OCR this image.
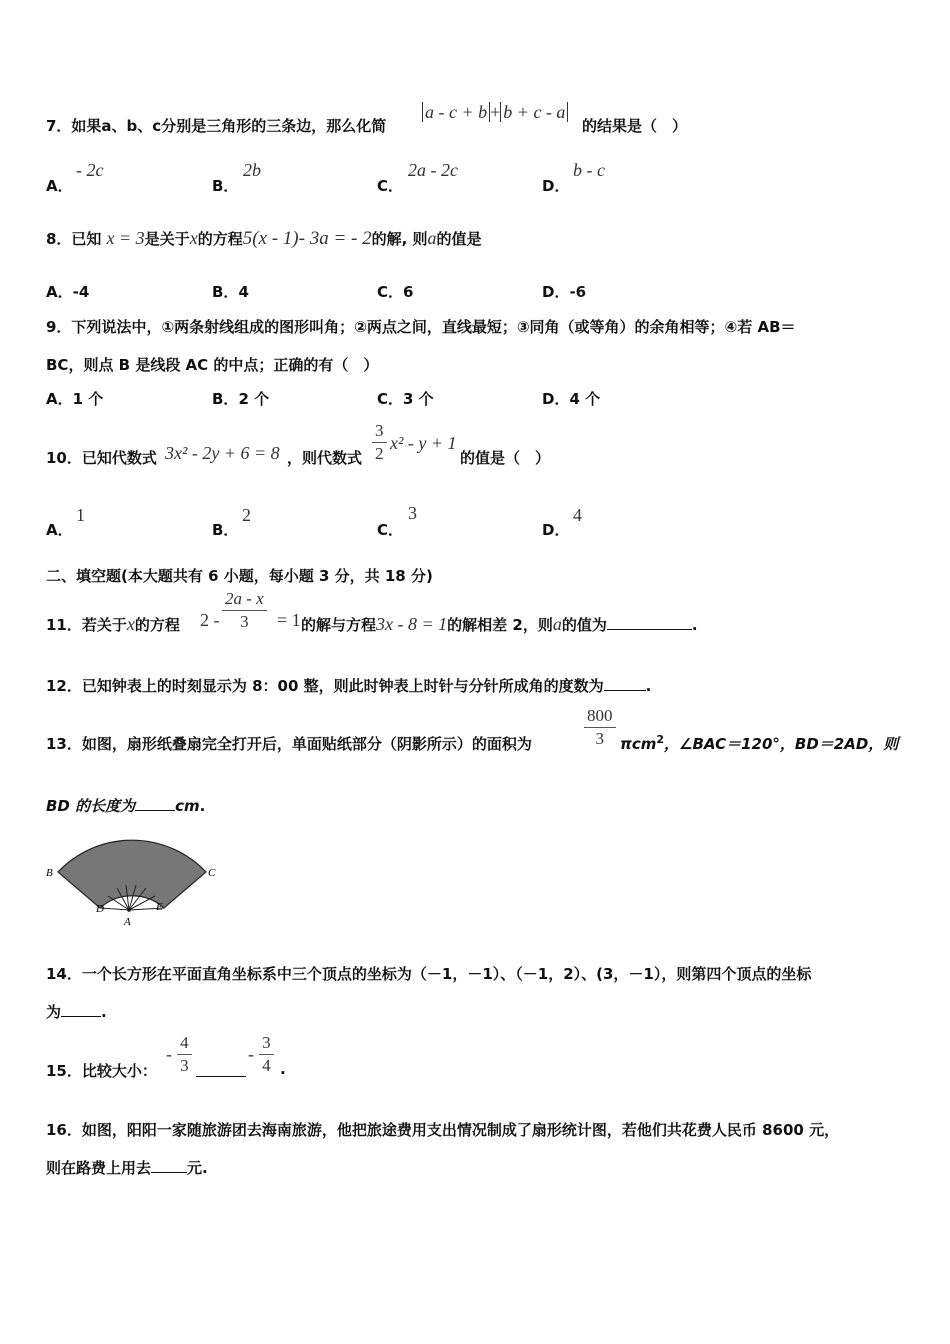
7．如果a、b、c分别是三角形的三条边，那么化简
a - c + b + b + c - a
的结果是（　）
A．
- 2c
B．
2b
C．
2a - 2c
D．
b - c
8．已知 x = 3是关于x的方程5(x - 1)- 3a = - 2的解, 则a的值是
A．-4	B．4	C．6	D．-6
9．下列说法中，①两条射线组成的图形叫角；②两点之间，直线最短；③同角（或等角）的余角相等；④若 AB＝
BC，则点 B 是线段 AC 的中点；正确的有（　）
A．1 个	B．2 个	C．3 个	D．4 个
10．已知代数式 3x² - 2y + 6 = 8 ，则代数式 $\frac{3}{2} x^2 - y + 1$
的值是（　）
A．
1
B．
2
C．
3
D．
4
二、填空题(本大题共有 6 小题，每小题 3 分，共 18 分)
11．若关于x的方程 $2 - \frac{2a - x}{3} = 1$ 的解与方程3x - 8 = 1的解相差 2，则a的值为	.
12．已知钟表上的时刻显示为 8：00 整，则此时钟表上时针与分针所成角的度数为	.
13．如图，扇形纸叠扇完全打开后，单面贴纸部分（阴影所示）的面积为	$\frac{800}{3} \pi cm^2$，∠BAC＝120°，BD＝2AD，则
BD 的长度为	cm.
B	C
D	E
A
14．一个长方形在平面直角坐标系中三个顶点的坐标为（－1，－1）、（－1，2）、(3，－1），则第四个顶点的坐标
为	.
15．比较大小：
- $\frac{4}{3}$	- $\frac{3}{4}$ .
16．如图，阳阳一家随旅游团去海南旅游，他把旅途费用支出情况制成了扇形统计图，若他们共花费人民币 8600 元，
则在路费上用去 元.
